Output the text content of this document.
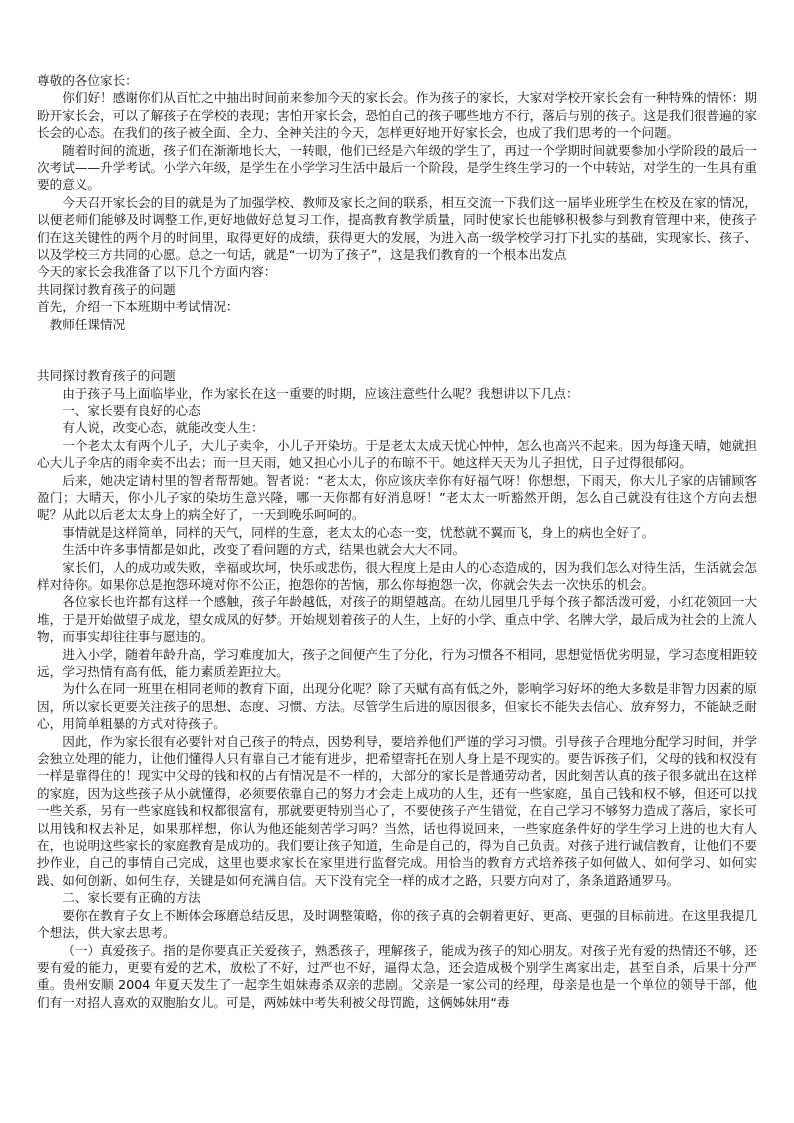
尊敬的各位家长：

你们好！感谢你们从百忙之中抽出时间前来参加今天的家长会。作为孩子的家长，大家对学校开家长会有一种特殊的情怀：期盼开家长会，可以了解孩子在学校的表现；害怕开家长会，恐怕自己的孩子哪些地方不行，落后与别的孩子。这是我们很普遍的家长会的心态。在我们的孩子被全面、全力、全神关注的今天，怎样更好地开好家长会，也成了我们思考的一个问题。

随着时间的流逝，孩子们在渐渐地长大，一转眼，他们已经是六年级的学生了，再过一个学期时间就要参加小学阶段的最后一次考试——升学考试。小学六年级，是学生在小学学习生活中最后一个阶段，是学生终生学习的一个中转站，对学生的一生具有重要的意义。

今天召开家长会的目的就是为了加强学校、教师及家长之间的联系，相互交流一下我们这一届毕业班学生在校及在家的情况，以便老师们能够及时调整工作,更好地做好总复习工作，提高教育教学质量，同时使家长也能够积极参与到教育管理中来，使孩子们在这关键性的两个月的时间里，取得更好的成绩，获得更大的发展，为进入高一级学校学习打下扎实的基础，实现家长、孩子、以及学校三方共同的心愿。总之一句话，就是“一切为了孩子”，这是我们教育的一个根本出发点

今天的家长会我准备了以下几个方面内容：

共同探讨教育孩子的问题

首先，介绍一下本班期中考试情况：

教师任课情况

共同探讨教育孩子的问题

由于孩子马上面临毕业，作为家长在这一重要的时期，应该注意些什么呢？我想讲以下几点：

一、家长要有良好的心态

有人说，改变心态，就能改变人生：

一个老太太有两个儿子，大儿子卖伞，小儿子开染坊。于是老太太成天忧心忡忡，怎么也高兴不起来。因为每逢天晴，她就担心大儿子伞店的雨伞卖不出去；而一旦天雨，她又担心小儿子的布晾不干。她这样天天为儿子担忧，日子过得很郁闷。

后来，她决定请村里的智者帮帮她。智者说：“老太太，你应该庆幸你有好福气呀！你想想，下雨天，你大儿子家的店铺顾客盈门；大晴天，你小儿子家的染坊生意兴隆，哪一天你都有好消息呀！”老太太一听豁然开朗，怎么自己就没有往这个方向去想呢？从此以后老太太身上的病全好了，一天到晚乐呵呵的。

事情就是这样简单，同样的天气，同样的生意，老太太的心态一变，忧愁就不翼而飞，身上的病也全好了。

生活中许多事情都是如此，改变了看问题的方式，结果也就会大大不同。

家长们，人的成功或失败，幸福或坎坷，快乐或悲伤，很大程度上是由人的心态造成的，因为我们怎么对待生活，生活就会怎样对待你。如果你总是抱怨环境对你不公正，抱怨你的苦恼，那么你每抱怨一次，你就会失去一次快乐的机会。

各位家长也许都有这样一个感触，孩子年龄越低，对孩子的期望越高。在幼儿园里几乎每个孩子都活泼可爱，小红花领回一大堆，于是开始做望子成龙，望女成凤的好梦。开始规划着孩子的人生，上好的小学、重点中学、名牌大学，最后成为社会的上流人物，而事实却往往事与愿违的。

进入小学，随着年龄升高，学习难度加大，孩子之间便产生了分化，行为习惯各不相同，思想觉悟优劣明显，学习态度相距较远，学习热情有高有低，能力素质差距拉大。

为什么在同一班里在相同老师的教育下面，出现分化呢？除了天赋有高有低之外，影响学习好坏的绝大多数是非智力因素的原因，所以家长更要关注孩子的思想、态度、习惯、方法。尽管学生后进的原因很多，但家长不能失去信心、放弃努力，不能缺乏耐心，用简单粗暴的方式对待孩子。

因此，作为家长很有必要针对自己孩子的特点，因势利导，要培养他们严谨的学习习惯。引导孩子合理地分配学习时间，并学会独立处理的能力，让他们懂得人只有靠自己才能有进步，把希望寄托在别人身上是不现实的。要告诉孩子们，父母的钱和权没有一样是靠得住的！现实中父母的钱和权的占有情况是不一样的，大部分的家长是普通劳动者，因此刻苦认真的孩子很多就出在这样的家庭，因为这些孩子从小就懂得，必须要依靠自己的努力才会走上成功的人生，还有一些家庭，虽自己钱和权不够，但还可以找一些关系，另有一些家庭钱和权都很富有，那就要更特别当心了，不要使孩子产生错觉，在自己学习不够努力造成了落后，家长可以用钱和权去补足，如果那样想，你认为他还能刻苦学习吗？当然，话也得说回来，一些家庭条件好的学生学习上进的也大有人在，也说明这些家长的家庭教育是成功的。我们要让孩子知道，生命是自己的，得为自己负责。对孩子进行诚信教育，让他们不要抄作业，自己的事情自己完成，这里也要求家长在家里进行监督完成。用恰当的教育方式培养孩子如何做人、如何学习、如何实践、如何创新、如何生存，关键是如何充满自信。天下没有完全一样的成才之路，只要方向对了，条条道路通罗马。

二、家长要有正确的方法

要你在教育子女上不断体会琢磨总结反思，及时调整策略，你的孩子真的会朝着更好、更高、更强的目标前进。在这里我提几个想法，供大家去思考。

（一）真爱孩子。指的是你要真正关爱孩子，熟悉孩子，理解孩子，能成为孩子的知心朋友。对孩子光有爱的热情还不够，还要有爱的能力，更要有爱的艺术，放松了不好，过严也不好，逼得太急，还会造成极个别学生离家出走，甚至自杀，后果十分严重。贵州安顺 2004 年夏天发生了一起孪生姐妹毒杀双亲的悲剧。父亲是一家公司的经理，母亲是也是一个单位的领导干部，他们有一对招人喜欢的双胞胎女儿。可是，两姊妹中考失利被父母罚跪，这俩姊妹用“毒
